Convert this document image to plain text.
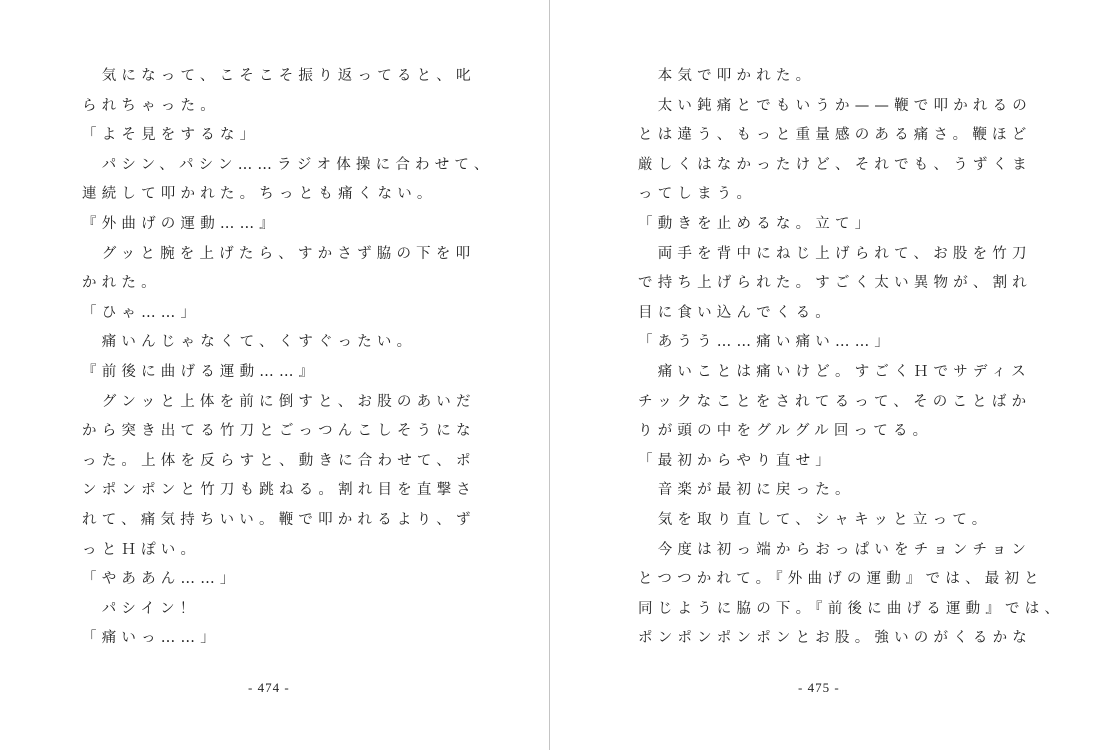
　気になって、こそこそ振り返ってると、叱
られちゃった。
「よそ見をするな」
　パシン、パシン……ラジオ体操に合わせて、
連続して叩かれた。ちっとも痛くない。
『外曲げの運動……』
　グッと腕を上げたら、すかさず脇の下を叩
かれた。
「ひゃ……」
　痛いんじゃなくて、くすぐったい。
『前後に曲げる運動……』
　グンッと上体を前に倒すと、お股のあいだ
から突き出てる竹刀とごっつんこしそうにな
った。上体を反らすと、動きに合わせて、ポ
ンポンポンと竹刀も跳ねる。割れ目を直撃さ
れて、痛気持ちいい。鞭で叩かれるより、ず
っとＨぽい。
「やああん……」
　パシイン！
「痛いっ……」
- 474 -
　本気で叩かれた。
　太い鈍痛とでもいうか——鞭で叩かれるの
とは違う、もっと重量感のある痛さ。鞭ほど
厳しくはなかったけど、それでも、うずくま
ってしまう。
「動きを止めるな。立て」
　両手を背中にねじ上げられて、お股を竹刀
で持ち上げられた。すごく太い異物が、割れ
目に食い込んでくる。
「あうう……痛い痛い……」
　痛いことは痛いけど。すごくＨでサディス
チックなことをされてるって、そのことばか
りが頭の中をグルグル回ってる。
「最初からやり直せ」
　音楽が最初に戻った。
　気を取り直して、シャキッと立って。
　今度は初っ端からおっぱいをチョンチョン
とつつかれて。『外曲げの運動』では、最初と
同じように脇の下。『前後に曲げる運動』では、
ポンポンポンポンとお股。強いのがくるかな
- 475 -
